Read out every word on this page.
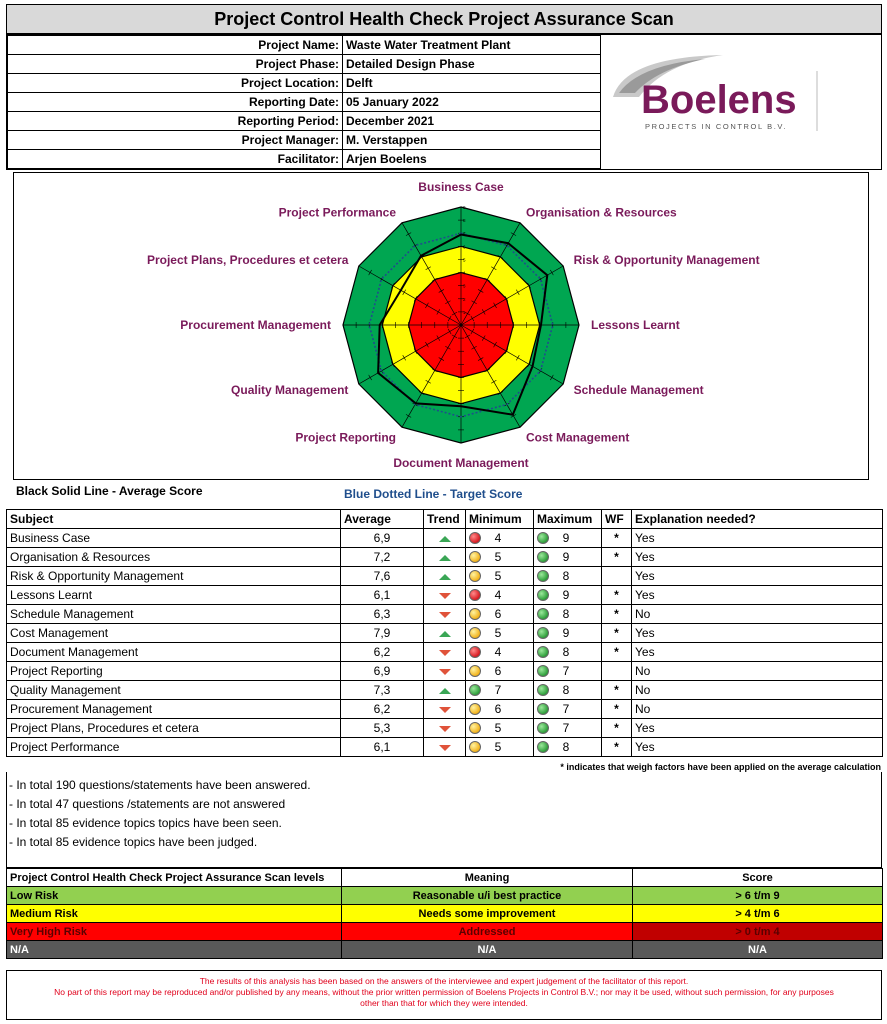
Project Control Health Check Project Assurance Scan
Project Name:	Waste Water Treatment Plant
Project Phase:	Detailed Design Phase
Project Location:	Delft
Reporting Date:	05 January 2022
Reporting Period:	December 2021
Project Manager:	M. Verstappen
Facilitator:	Arjen Boelens
Boelens
PROJECTS IN CONTROL B.V.
1
2
3
4
5
6
7
8
9
Business Case
Organisation & Resources
Risk & Opportunity Management
Lessons Learnt
Schedule Management
Cost Management
Document Management
Project Reporting
Quality Management
Procurement Management
Project Plans, Procedures et cetera
Project Performance
Black Solid Line - Average Score	Blue Dotted Line - Target Score
Subject	Average	Trend	Minimum	Maximum	WF	Explanation needed?
Business Case	6,9		4	9	*	Yes
Organisation & Resources	7,2		5	9	*	Yes
Risk & Opportunity Management	7,6		5	8		Yes
Lessons Learnt	6,1		4	9	*	Yes
Schedule Management	6,3		6	8	*	No
Cost Management	7,9		5	9	*	Yes
Document Management	6,2		4	8	*	Yes
Project Reporting	6,9		6	7		No
Quality Management	7,3		7	8	*	No
Procurement Management	6,2		6	7	*	No
Project Plans, Procedures et cetera	5,3		5	7	*	Yes
Project Performance	6,1		5	8	*	Yes
* indicates that weigh factors have been applied on the average calculation
- In total 190 questions/statements have been answered.
- In total 47 questions /statements are not answered
- In total 85 evidence topics topics have been seen.
- In total 85 evidence topics have been judged.
Project Control Health Check Project Assurance Scan levels	Meaning	Score
Low Risk	Reasonable u/i best practice	> 6 t/m 9
Medium Risk	Needs some improvement	> 4 t/m 6
Very High Risk	Addressed	> 0 t/m 4
N/A	N/A	N/A
The results of this analysis has been based on the answers of the interviewee and expert judgement of the facilitator of this report.
No part of this report may be reproduced and/or published by any means, without the prior written permission of Boelens Projects in Control B.V.; nor may it be used, without such permission, for any purposes
other than that for which they were intended.
